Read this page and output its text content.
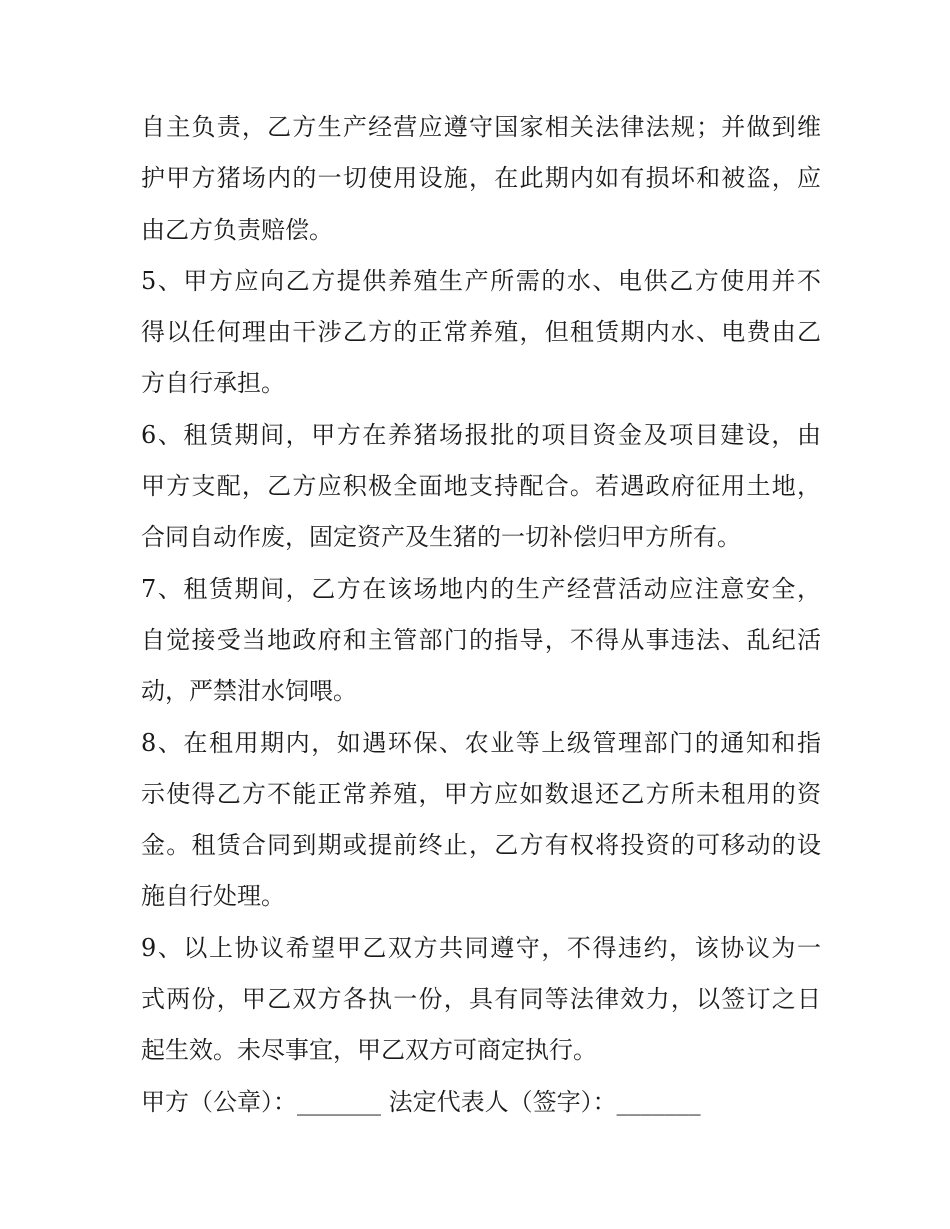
自主负责，乙方生产经营应遵守国家相关法律法规；并做到维
护甲方猪场内的一切使用设施，在此期内如有损坏和被盗，应
由乙方负责赔偿。
5、甲方应向乙方提供养殖生产所需的水、电供乙方使用并不
得以任何理由干涉乙方的正常养殖，但租赁期内水、电费由乙
方自行承担。
6、租赁期间，甲方在养猪场报批的项目资金及项目建设，由
甲方支配，乙方应积极全面地支持配合。若遇政府征用土地，
合同自动作废，固定资产及生猪的一切补偿归甲方所有。
7、租赁期间，乙方在该场地内的生产经营活动应注意安全，
自觉接受当地政府和主管部门的指导，不得从事违法、乱纪活
动，严禁泔水饲喂。
8、在租用期内，如遇环保、农业等上级管理部门的通知和指
示使得乙方不能正常养殖，甲方应如数退还乙方所未租用的资
金。租赁合同到期或提前终止，乙方有权将投资的可移动的设
施自行处理。
9、以上协议希望甲乙双方共同遵守，不得违约，该协议为一
式两份，甲乙双方各执一份，具有同等法律效力，以签订之日
起生效。未尽事宜，甲乙双方可商定执行。
甲方（公章）：_______ 法定代表人（签字）：_______
